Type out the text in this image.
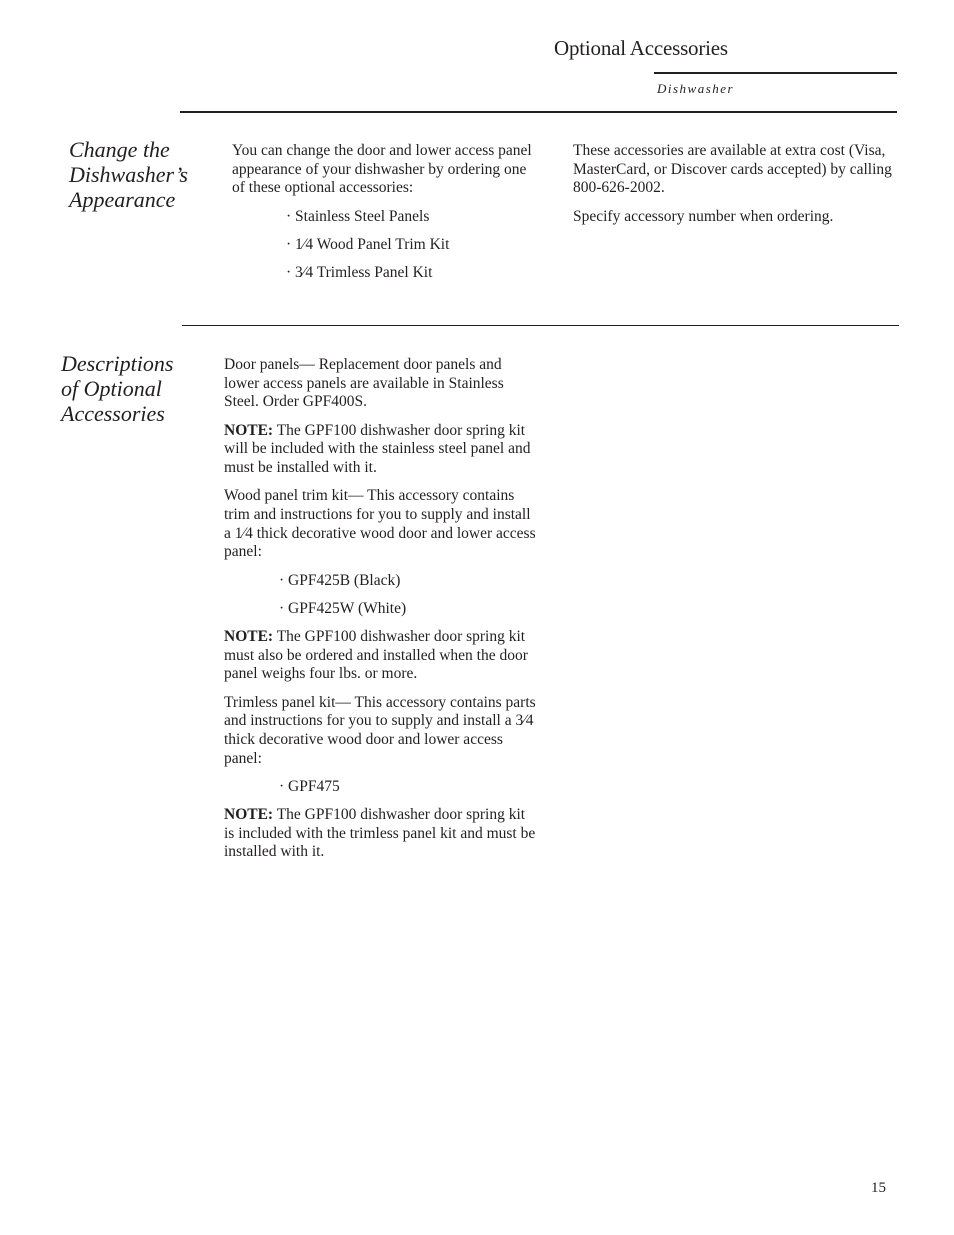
Optional Accessories
Dishwasher
Change the
Dishwasher’s
Appearance

You can change the door and lower access panel appearance of your dishwasher by ordering one of these optional accessories:

· Stainless Steel Panels

· 1⁄4 Wood Panel Trim Kit

· 3⁄4 Trimless Panel Kit

These accessories are available at extra cost (Visa, MasterCard, or Discover cards accepted) by calling 800-626-2002.

Specify accessory number when ordering.

Descriptions
of Optional
Accessories

Door panels— Replacement door panels and lower access panels are available in Stainless Steel. Order GPF400S.

NOTE: The GPF100 dishwasher door spring kit will be included with the stainless steel panel and must be installed with it.

Wood panel trim kit— This accessory contains trim and instructions for you to supply and install a 1⁄4 thick decorative wood door and lower access panel:

· GPF425B (Black)

· GPF425W (White)

NOTE: The GPF100 dishwasher door spring kit must also be ordered and installed when the door panel weighs four lbs. or more.

Trimless panel kit— This accessory contains parts and instructions for you to supply and install a 3⁄4 thick decorative wood door and lower access panel:

· GPF475

NOTE: The GPF100 dishwasher door spring kit is included with the trimless panel kit and must be installed with it.

15
